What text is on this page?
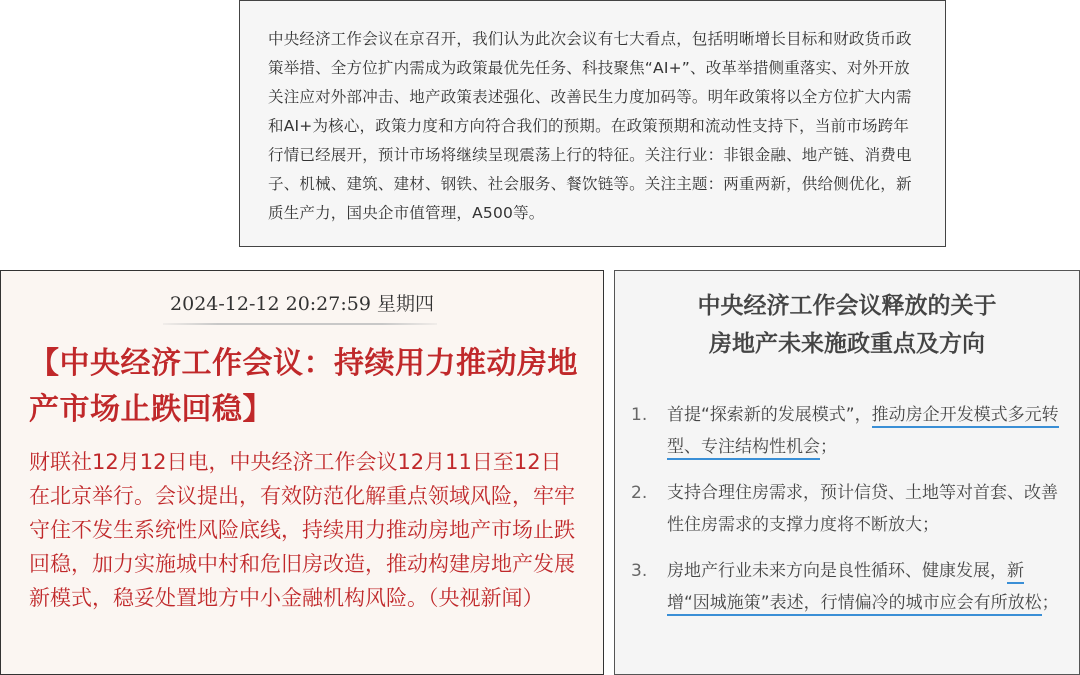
中央经济工作会议在京召开，我们认为此次会议有七大看点，包括明晰增长目标和财政货币政策举措、全方位扩内需成为政策最优先任务、科技聚焦“AI+”、改革举措侧重落实、对外开放关注应对外部冲击、地产政策表述强化、改善民生力度加码等。明年政策将以全方位扩大内需和AI+为核心，政策力度和方向符合我们的预期。在政策预期和流动性支持下，当前市场跨年行情已经展开，预计市场将继续呈现震荡上行的特征。关注行业：非银金融、地产链、消费电子、机械、建筑、建材、钢铁、社会服务、餐饮链等。关注主题：两重两新，供给侧优化，新质生产力，国央企市值管理，A500等。

2024-12-12 20:27:59 星期四
【中央经济工作会议：持续用力推动房地产市场止跌回稳】
财联社12月12日电，中央经济工作会议12月11日至12日在北京举行。会议提出，有效防范化解重点领域风险，牢牢守住不发生系统性风险底线，持续用力推动房地产市场止跌回稳，加力实施城中村和危旧房改造，推动构建房地产发展新模式，稳妥处置地方中小金融机构风险。（央视新闻）
中央经济工作会议释放的关于
房地产未来施政重点及方向
1. 首提“探索新的发展模式”，推动房企开发模式多元转型、专注结构性机会；
2. 支持合理住房需求，预计信贷、土地等对首套、改善性住房需求的支撑力度将不断放大；
3. 房地产行业未来方向是良性循环、健康发展，新增“因城施策”表述，行情偏冷的城市应会有所放松；
